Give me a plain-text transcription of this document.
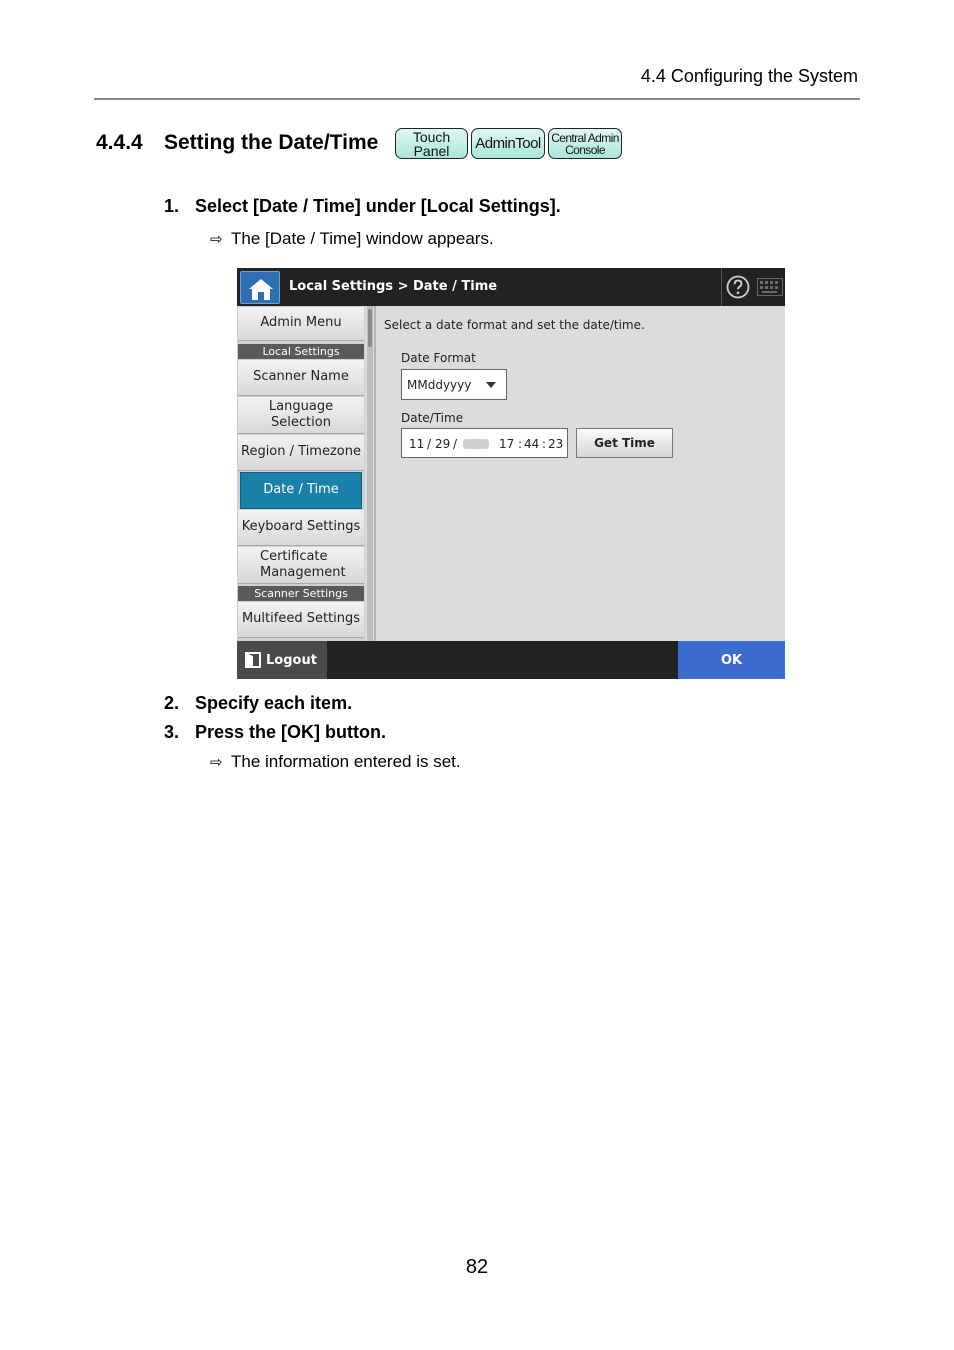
4.4 Configuring the System
4.4.4 Setting the Date/Time Touch
Panel AdminTool Central Admin
Console
1. Select [Date / Time] under [Local Settings].
⇨ The [Date / Time] window appears.
Local Settings > Date / Time
Admin Menu
Local Settings
Scanner Name
Language Selection
Region / Timezone
Date / Time
Keyboard Settings
Certificate
Management
Scanner Settings
Multifeed Settings
Select a date format and set the date/time.
Date Format
MMddyyyy
Date/Time
11 / 29 /	17 : 44 : 23	Get Time
Logout	OK
2. Specify each item.
3. Press the [OK] button.
⇨ The information entered is set.
82
